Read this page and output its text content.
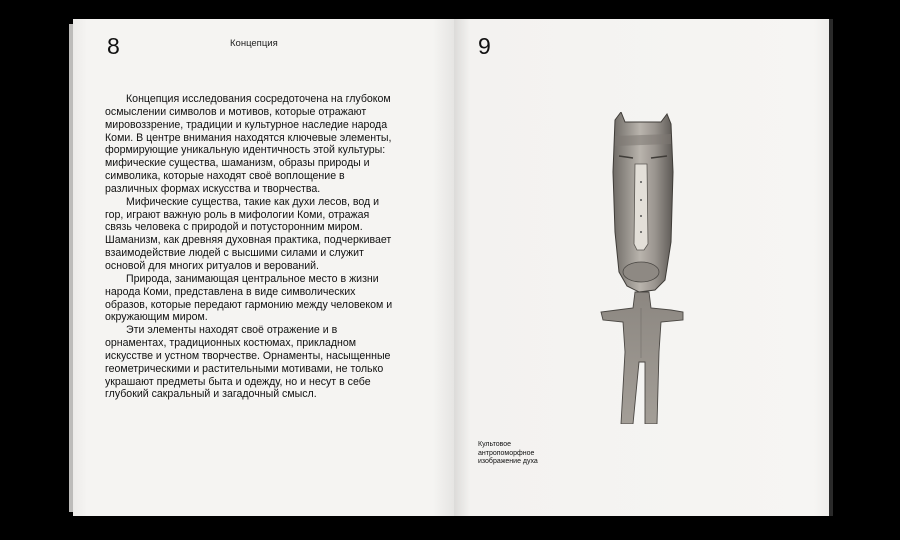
8	Концепция

Концепция исследования сосредоточена на глубоком осмыслении символов и мотивов, которые отражают мировоззрение, традиции и культурное наследие народа Коми. В центре внимания находятся ключевые элементы, формирующие уникальную идентичность этой культуры: мифические существа, шаманизм, образы природы и символика, которые находят своё воплощение в различных формах искусства и творчества.

Мифические существа, такие как духи лесов, вод и гор, играют важную роль в мифологии Коми, отражая связь человека с природой и потусторонним миром. Шаманизм, как древняя духовная практика, подчеркивает взаимодействие людей с высшими силами и служит основой для многих ритуалов и верований.

Природа, занимающая центральное место в жизни народа Коми, представлена в виде символических образов, которые передают гармонию между человеком и окружающим миром.

Эти элементы находят своё отражение и в орнаментах, традиционных костюмах, прикладном искусстве и устном творчестве. Орнаменты, насыщенные геометрическими и растительными мотивами, не только украшают предметы быта и одежду, но и несут в себе глубокий сакральный и загадочный смысл.

9
Культовое
антропоморфное
изображение духа
